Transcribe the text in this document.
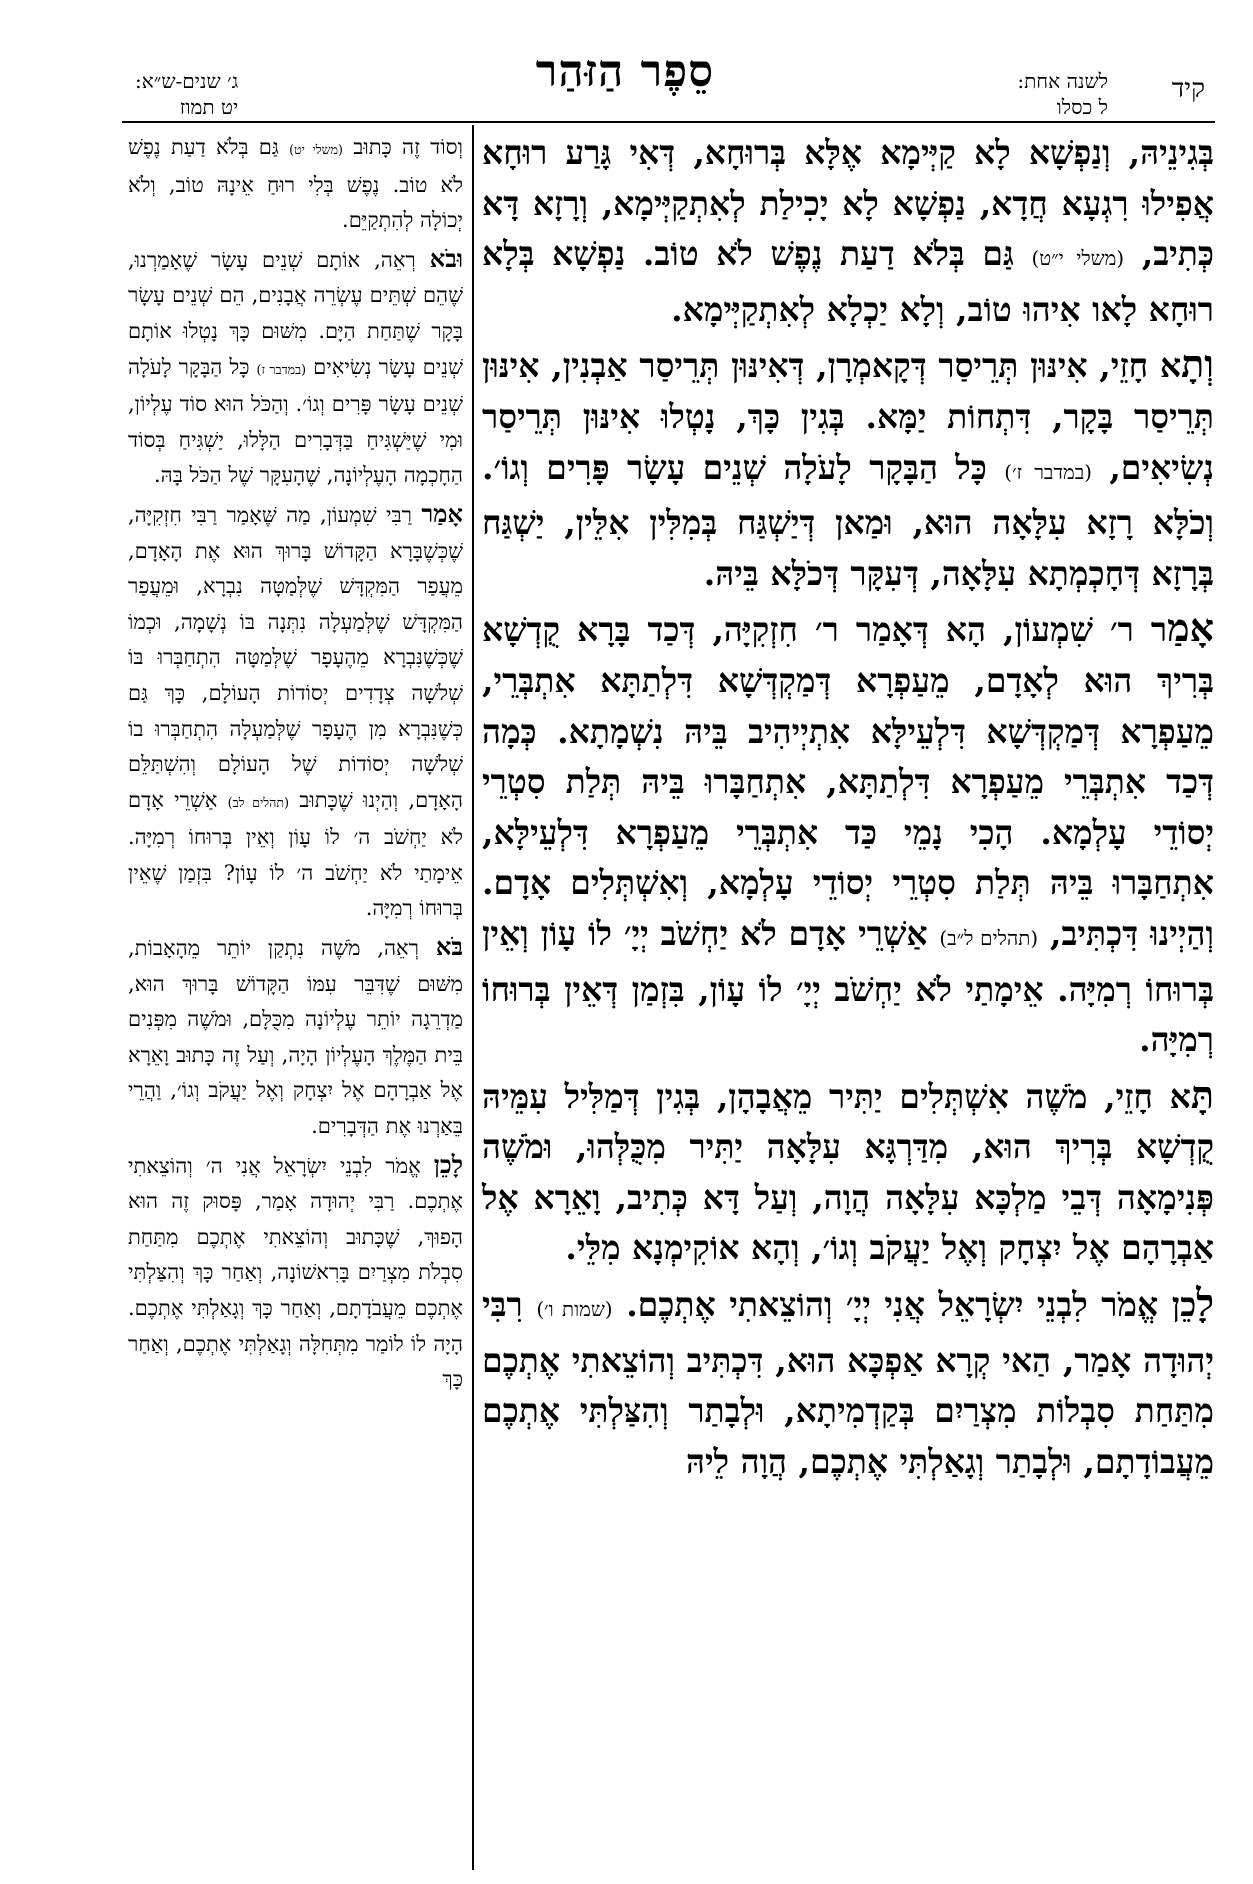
קיד
לשנה אחת:
ל כסלו
סֵפֶר הַזּהַר
ג׳ שנים-ש״א:
יט תמוז

בְּגִינֵיהּ, וְנַפְשָׁא לָא קַיְּימָא אֶלָּא בְּרוּחָא, דְּאִי גָּרַע רוּחָא אֲפִילוּ רִגְעָא חֲדָא, נַפְשָׁא לָא יָכִילַת לְאִתְקַיְּימָא, וְרָזָא דָּא כְּתִיב, (משלי י״ט) גַּם בְּלֹא דַעַת נֶפֶשׁ לֹא טוֹב. נַפְשָׁא בְּלָא רוּחָא לָאו אִיהוּ טוֹב, וְלָא יַכְלָא לְאִתְקַיְּימָא.

וְתָא חָזֵי, אִינּוּן תְּרֵיסַר דְּקָאמְרָן, דְּאִינּוּן תְּרֵיסַר אַבְנִין, אִינּוּן תְּרֵיסַר בָּקָר, דִּתְחוֹת יַמָּא. בְּגִין כָּךְ, נָטְלוּ אִינּוּן תְּרֵיסַר נְשִׂיאִים, (במדבר ז׳) כָּל הַבָּקָר לָעֹלָה שְׁנֵים עָשָׂר פָּרִים וְגוֹ׳. וְכֹלָּא רָזָא עִלָּאָה הוּא, וּמַאן דְּיַשְׁגַּח בְּמִלִּין אִלֵּין, יַשְׁגַּח בְּרָזָא דְּחָכְמְתָא עִלָּאָה, דְּעִקָּר דְּכֹלָּא בֵּיהּ.

אָמַר ר׳ שִׁמְעוֹן, הָא דְּאָמַר ר׳ חִזְקִיָּה, דְּכַד בָּרָא קֻדְשָׁא בְּרִיךְ הוּא לְאָדָם, מֵעַפְרָא דְּמַקְדְּשָׁא דִּלְתַתָּא אִתְבְּרֵי, מֵעַפְרָא דְּמַקְדְּשָׁא דִּלְעֵילָּא אִתְיְיהִיב בֵּיהּ נִשְׁמָתָא. כְּמָה דְּכַד אִתְבְּרֵי מֵעַפְרָא דִּלְתַתָּא, אִתְחַבָּרוּ בֵּיהּ תְּלַת סִטְרֵי יְסוֹדֵי עָלְמָא. הָכִי נָמֵי כַּד אִתְבְּרֵי מֵעַפְרָא דִּלְעֵילָּא, אִתְחַבָּרוּ בֵּיהּ תְּלַת סִטְרֵי יְסוֹדֵי עָלְמָא, וְאִשְׁתְּלִים אָדָם. וְהַיְינוּ דִּכְתִּיב, (תהלים ל״ב) אַשְׁרֵי אָדָם לֹא יַחְשֹׁב יְיָ׳ לוֹ עָוֹן וְאֵין בְּרוּחוֹ רְמִיָּה. אֵימָתַי לֹא יַחְשֹׁב יְיָ׳ לוֹ עָוֹן, בִּזְמַן דְּאֵין בְּרוּחוֹ רְמִיָּה.

תָּא חָזֵי, מֹשֶׁה אִשְׁתְּלִים יַתִּיר מֵאֲבָהָן, בְּגִין דְּמַלִּיל עִמֵּיהּ קֻדְשָׁא בְּרִיךְ הוּא, מִדַּרְגָּא עִלָּאָה יַתִּיר מִכֻּלְּהוּ, וּמֹשֶׁה פְּנִימָאָה דְּבֵי מַלְכָּא עִלָּאָה הֲוָה, וְעַל דָּא כְּתִיב, וָאֵרָא אֶל אַבְרָהָם אֶל יִצְחָק וְאֶל יַעֲקֹב וְגוֹ׳, וְהָא אוֹקִימְנָא מִלֵּי.

לָכֵן אֱמֹר לִבְנֵי יִשְׂרָאֵל אֲנִי יְיָ׳ וְהוֹצֵאתִי אֶתְכֶם. (שמות ו׳) רִבִּי יְהוּדָה אָמַר, הַאי קְרָא אַפְכָּא הוּא, דִּכְתִּיב וְהוֹצֵאתִי אֶתְכֶם מִתַּחַת סִבְלוֹת מִצְרַיִם בְּקַדְמִיתָא, וּלְבָתַר וְהִצַּלְתִּי אֶתְכֶם מֵעֲבוֹדָתָם, וּלְבָתַר וְגָאַלְתִּי אֶתְכֶם, הֲוָה לֵיהּ

וְסוֹד זֶה כָּתוּב (משלי יט) גַּם בְּלֹא דַעַת נֶפֶשׁ לֹא טוֹב. נֶפֶשׁ בְּלִי רוּחַ אֵינָהּ טוֹב, וְלֹא יְכוֹלָה לְהִתְקַיֵּם.

וּבֹא רְאֵה, אוֹתָם שְׁנֵים עָשָׂר שֶׁאָמַרְנוּ, שֶׁהֵם שְׁתֵּים עֶשְׂרֵה אֲבָנִים, הֵם שְׁנֵים עָשָׂר בָּקָר שֶׁתַּחַת הַיָּם. מִשּׁוּם כָּךְ נָטְלוּ אוֹתָם שְׁנֵים עָשָׂר נְשִׂיאִים (במדבר ז) כָּל הַבָּקָר לָעֹלָה שְׁנֵים עָשָׂר פָּרִים וְגוֹ׳. וְהַכֹּל הוּא סוֹד עֶלְיוֹן, וּמִי שֶׁיַּשְׁגִּיחַ בַּדְּבָרִים הַלָּלוּ, יַשְׁגִּיחַ בְּסוֹד הַחָכְמָה הָעֶלְיוֹנָה, שֶׁהָעִקָּר שֶׁל הַכֹּל בָּהּ.

אָמַר רַבִּי שִׁמְעוֹן, מַה שֶּׁאָמַר רַבִּי חִזְקִיָּה, שֶׁכְּשֶׁבָּרָא הַקָּדוֹשׁ בָּרוּךְ הוּא אֶת הָאָדָם, מֵעֲפַר הַמִּקְדָּשׁ שֶׁלְּמַטָּה נִבְרָא, וּמֵעֲפַר הַמִּקְדָּשׁ שֶׁלְּמַעְלָה נִתְּנָה בּוֹ נְשָׁמָה, וּכְמוֹ שֶׁכְּשֶׁנִּבְרָא מֵהֶעָפָר שֶׁלְּמַטָּה הִתְחַבְּרוּ בּוֹ שְׁלֹשָׁה צְדָדִים יְסוֹדוֹת הָעוֹלָם, כָּךְ גַּם כְּשֶׁנִּבְרָא מִן הֶעָפָר שֶׁלְּמַעְלָה הִתְחַבְּרוּ בוֹ שְׁלֹשָׁה יְסוֹדוֹת שֶׁל הָעוֹלָם וְהִשְׁתַּלֵּם הָאָדָם, וְהַיְנוּ שֶׁכָּתוּב (תהלים לב) אַשְׁרֵי אָדָם לֹא יַחְשֹׁב ה׳ לוֹ עָוֹן וְאֵין בְּרוּחוֹ רְמִיָּה. אֵימָתַי לֹא יַחְשֹׁב ה׳ לוֹ עָוֹן? בִּזְמַן שֶׁאֵין בְּרוּחוֹ רְמִיָּה.

בֹּא רְאֵה, מֹשֶׁה נִתְקַן יוֹתֵר מֵהָאָבוֹת, מִשּׁוּם שֶׁדִּבֵּר עִמּוֹ הַקָּדוֹשׁ בָּרוּךְ הוּא, מַדְרֵגָה יוֹתֵר עֶלְיוֹנָה מִכֻּלָּם, וּמֹשֶׁה מִפְּנִים בֵּית הַמֶּלֶךְ הָעֶלְיוֹן הָיָה, וְעַל זֶה כָּתוּב וָאֵרָא אֶל אַבְרָהָם אֶל יִצְחָק וְאֶל יַעֲקֹב וְגוֹ׳, וַהֲרֵי בֵּאַרְנוּ אֶת הַדְּבָרִים.

לָכֵן אֱמֹר לִבְנֵי יִשְׂרָאֵל אֲנִי ה׳ וְהוֹצֵאתִי אֶתְכֶם. רַבִּי יְהוּדָה אָמַר, פָּסוּק זֶה הוּא הָפוּךְ, שֶׁכָּתוּב וְהוֹצֵאתִי אֶתְכֶם מִתַּחַת סִבְלֹת מִצְרַיִם בָּרִאשׁוֹנָה, וְאַחַר כָּךְ וְהִצַּלְתִּי אֶתְכֶם מֵעֲבֹדָתָם, וְאַחַר כָּךְ וְגָאַלְתִּי אֶתְכֶם. הָיָה לוֹ לוֹמַר מִתְּחִלָּה וְגָאַלְתִּי אֶתְכֶם, וְאַחַר כָּךְ
